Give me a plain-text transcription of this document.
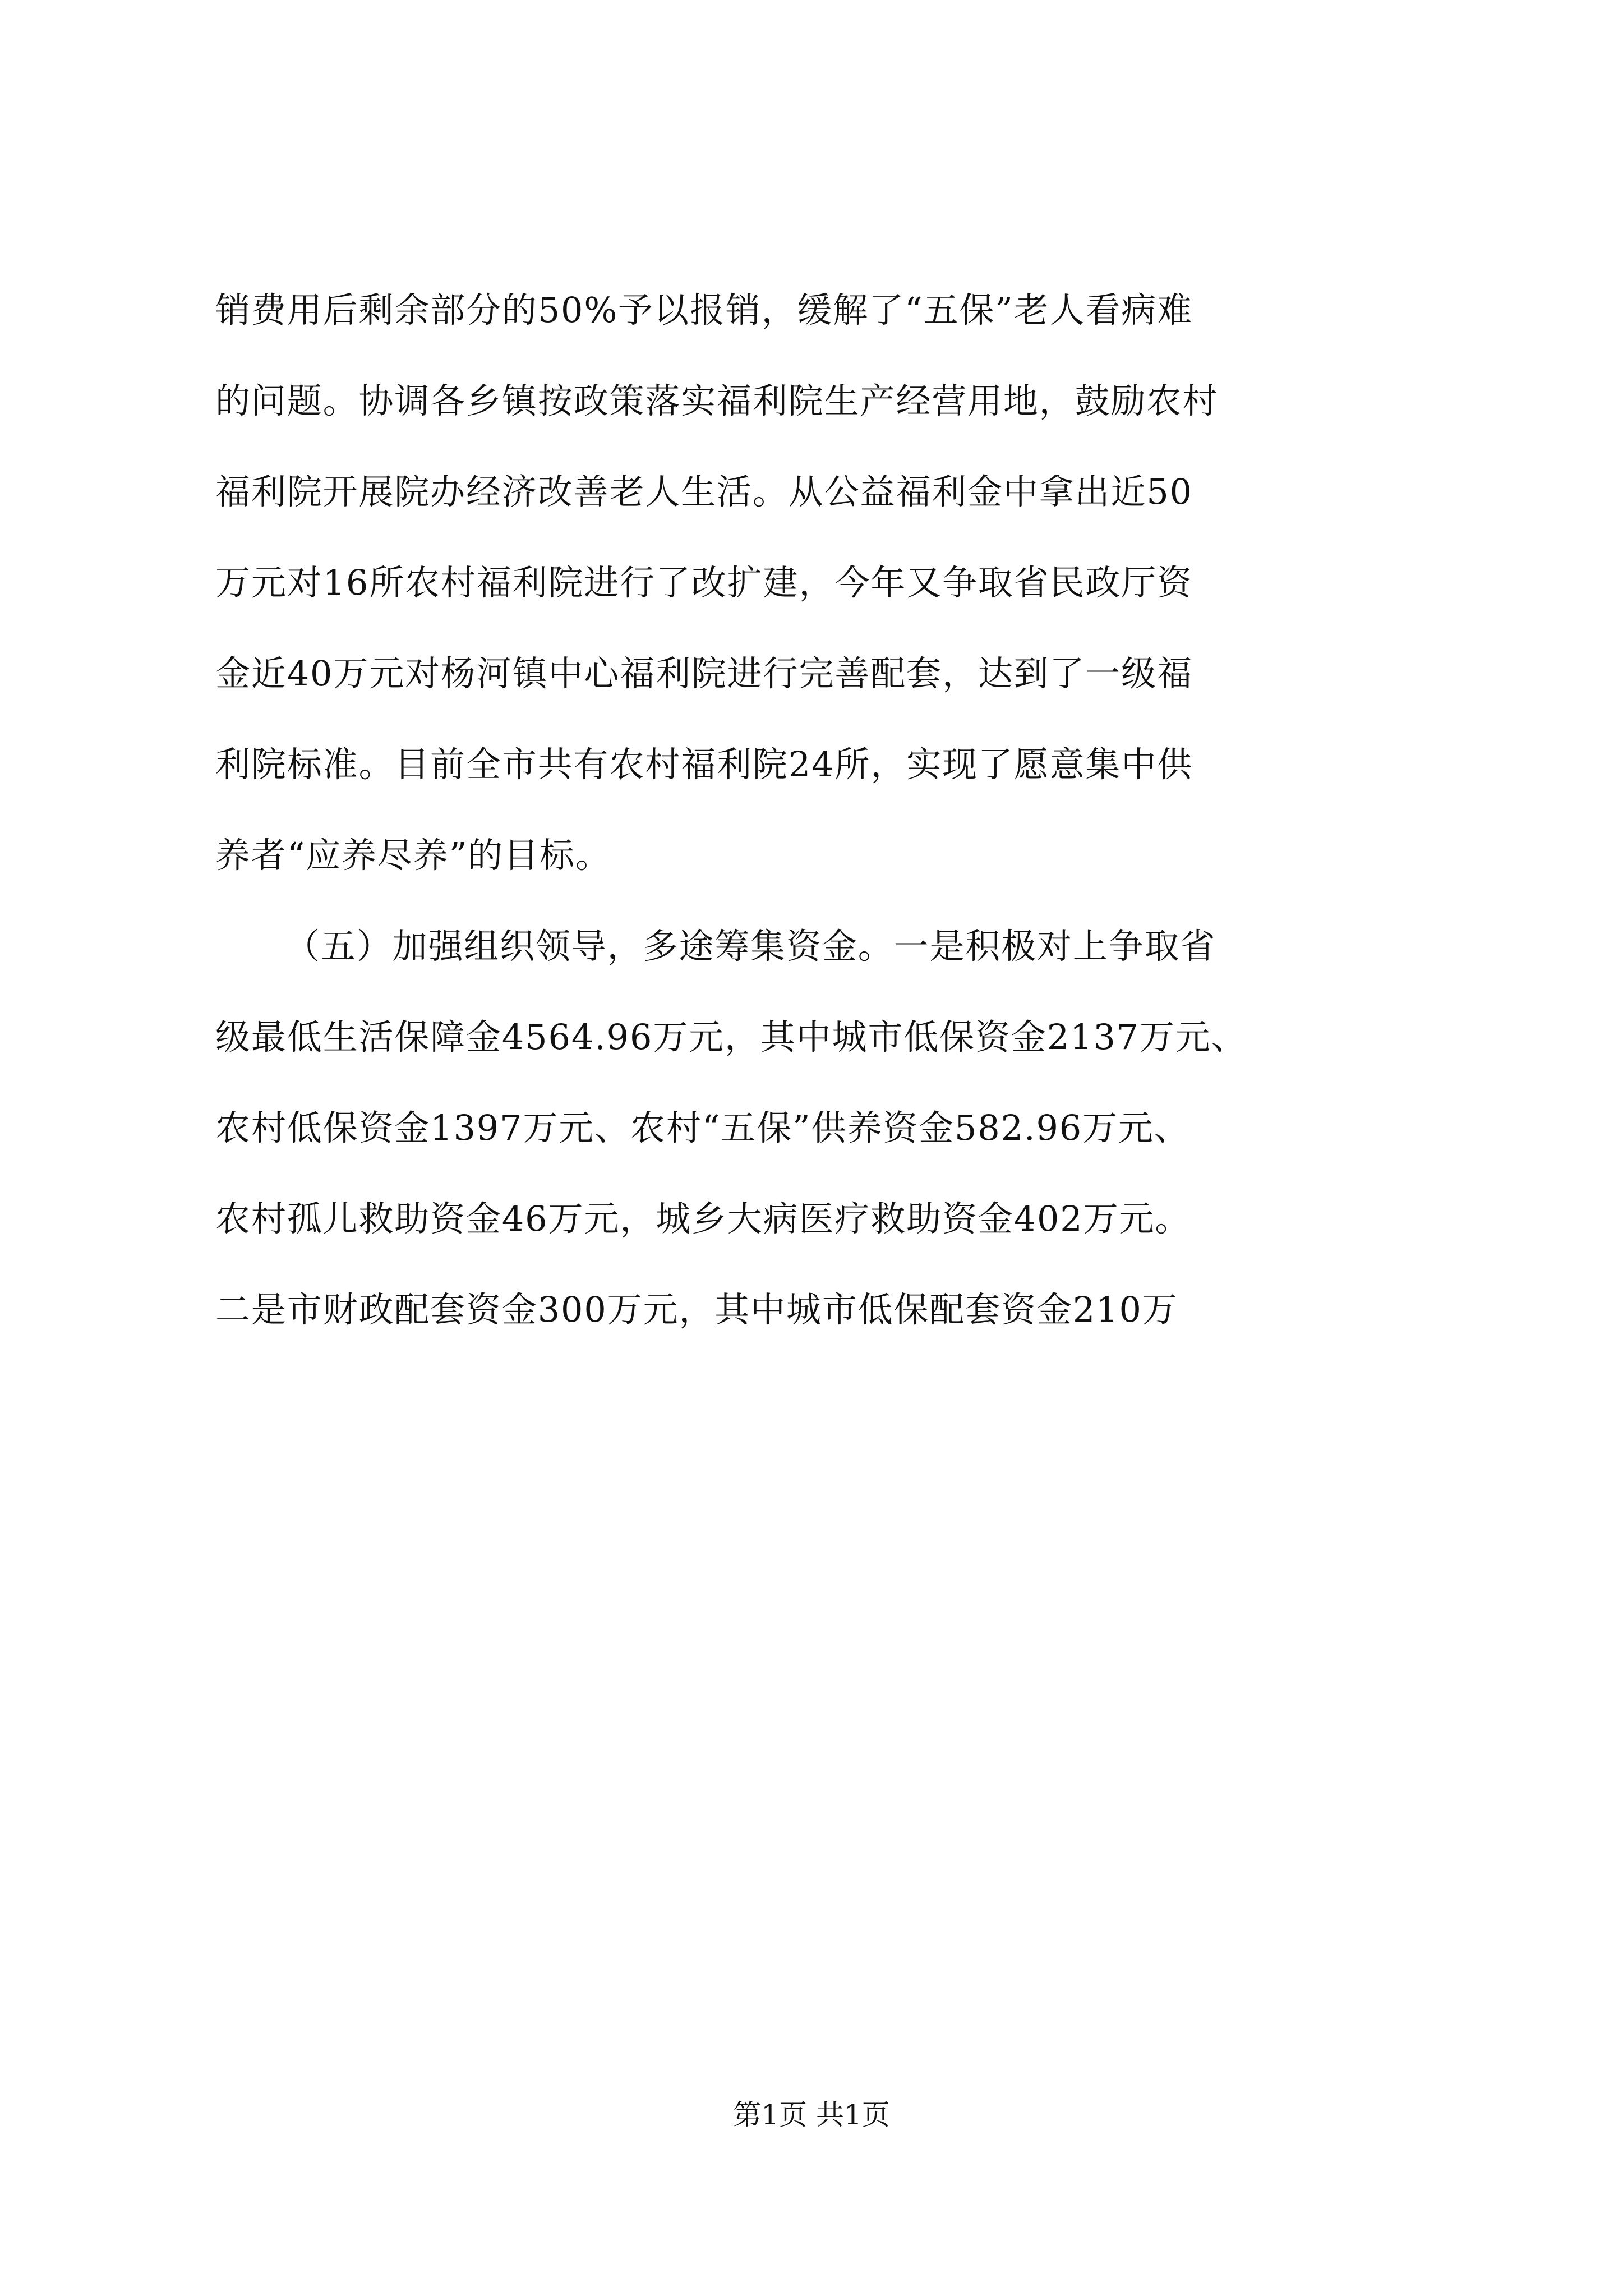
销费用后剩余部分的50%予以报销，缓解了“五保”老人看病难
的问题。协调各乡镇按政策落实福利院生产经营用地，鼓励农村
福利院开展院办经济改善老人生活。从公益福利金中拿出近50
万元对16所农村福利院进行了改扩建，今年又争取省民政厅资
金近40万元对杨河镇中心福利院进行完善配套，达到了一级福
利院标准。目前全市共有农村福利院24所，实现了愿意集中供
养者“应养尽养”的目标。
（五）加强组织领导，多途筹集资金。一是积极对上争取省
级最低生活保障金4564.96万元，其中城市低保资金2137万元、
农村低保资金1397万元、农村“五保”供养资金582.96万元、
农村孤儿救助资金46万元，城乡大病医疗救助资金402万元。
二是市财政配套资金300万元，其中城市低保配套资金210万
第1页 共1页
